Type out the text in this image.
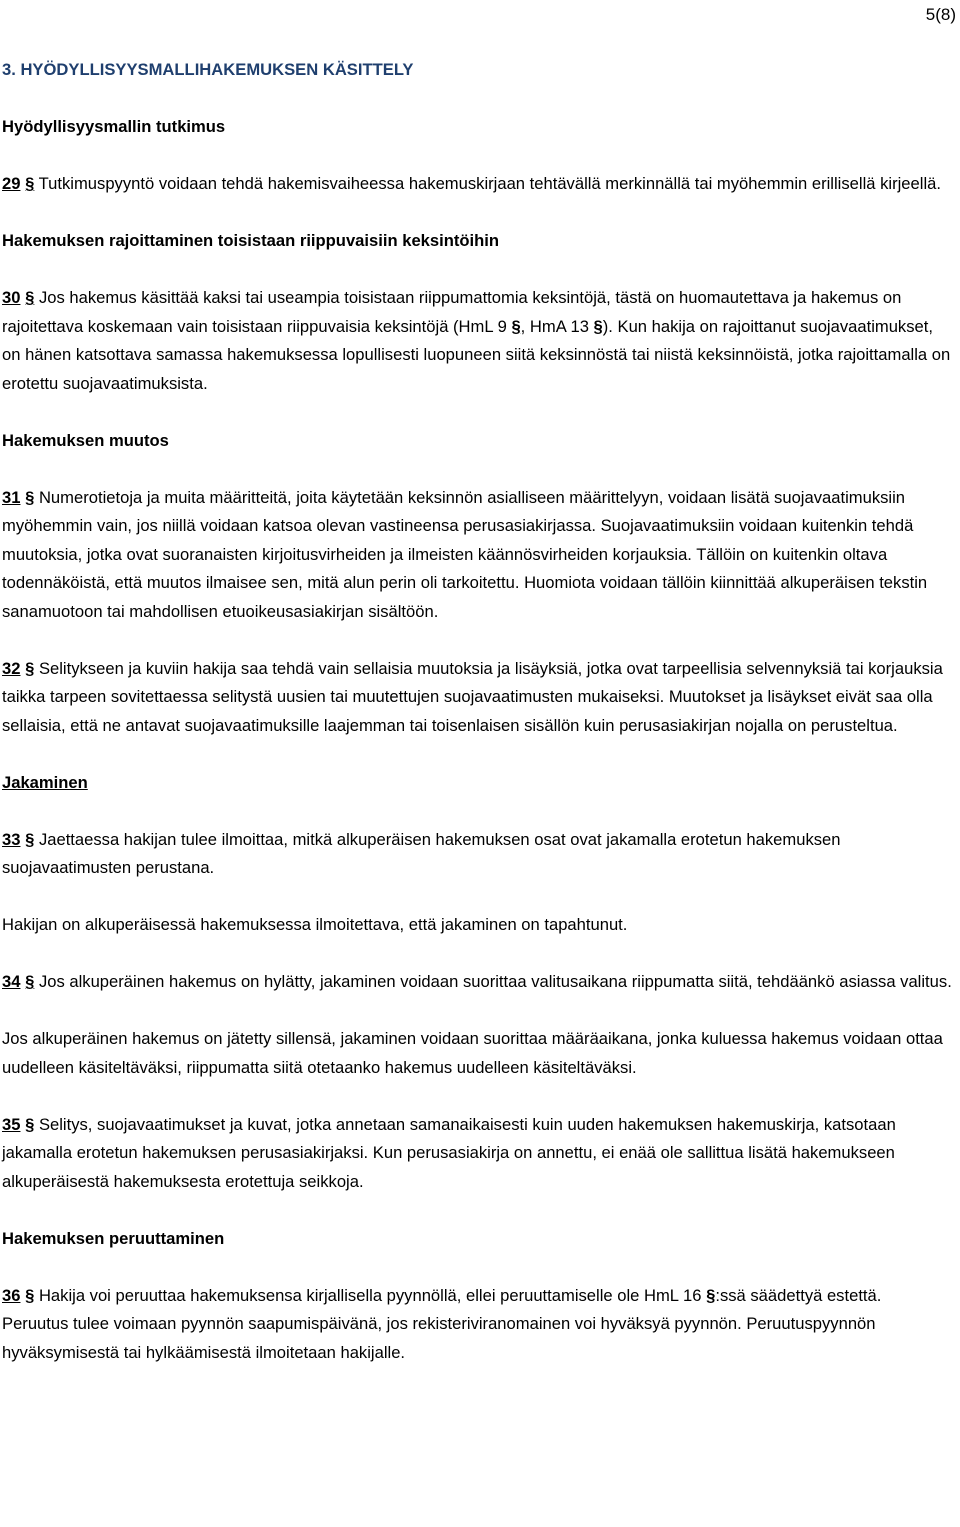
5(8)

3. HYÖDYLLISYYSMALLIHAKEMUKSEN KÄSITTELY

Hyödyllisyysmallin tutkimus

29 § Tutkimuspyyntö voidaan tehdä hakemisvaiheessa hakemuskirjaan tehtävällä merkinnällä tai myöhemmin erillisellä kirjeellä.

Hakemuksen rajoittaminen toisistaan riippuvaisiin keksintöihin

30 § Jos hakemus käsittää kaksi tai useampia toisistaan riippumattomia keksintöjä, tästä on huomautettava ja hakemus on rajoitettava koskemaan vain toisistaan riippuvaisia keksintöjä (HmL 9 §, HmA 13 §). Kun hakija on rajoittanut suojavaatimukset, on hänen katsottava samassa hakemuksessa lopullisesti luopuneen siitä keksinnöstä tai niistä keksinnöistä, jotka rajoittamalla on erotettu suojavaatimuksista.

Hakemuksen muutos

31 § Numerotietoja ja muita määritteitä, joita käytetään keksinnön asialliseen määrittelyyn, voidaan lisätä suojavaatimuksiin myöhemmin vain, jos niillä voidaan katsoa olevan vastineensa perusasiakirjassa. Suojavaatimuksiin voidaan kuitenkin tehdä muutoksia, jotka ovat suoranaisten kirjoitusvirheiden ja ilmeisten käännösvirheiden korjauksia. Tällöin on kuitenkin oltava todennäköistä, että muutos ilmaisee sen, mitä alun perin oli tarkoitettu. Huomiota voidaan tällöin kiinnittää alkuperäisen tekstin sanamuotoon tai mahdollisen etuoikeusasiakirjan sisältöön.

32 § Selitykseen ja kuviin hakija saa tehdä vain sellaisia muutoksia ja lisäyksiä, jotka ovat tarpeellisia selvennyksiä tai korjauksia taikka tarpeen sovitettaessa selitystä uusien tai muutettujen suojavaatimusten mukaiseksi. Muutokset ja lisäykset eivät saa olla sellaisia, että ne antavat suojavaatimuksille laajemman tai toisenlaisen sisällön kuin perusasiakirjan nojalla on perusteltua.

Jakaminen

33 § Jaettaessa hakijan tulee ilmoittaa, mitkä alkuperäisen hakemuksen osat ovat jakamalla erotetun hakemuksen suojavaatimusten perustana.

Hakijan on alkuperäisessä hakemuksessa ilmoitettava, että jakaminen on tapahtunut.

34 § Jos alkuperäinen hakemus on hylätty, jakaminen voidaan suorittaa valitusaikana riippumatta siitä, tehdäänkö asiassa valitus.

Jos alkuperäinen hakemus on jätetty sillensä, jakaminen voidaan suorittaa määräaikana, jonka kuluessa hakemus voidaan ottaa uudelleen käsiteltäväksi, riippumatta siitä otetaanko hakemus uudelleen käsiteltäväksi.

35 § Selitys, suojavaatimukset ja kuvat, jotka annetaan samanaikaisesti kuin uuden hakemuksen hakemuskirja, katsotaan jakamalla erotetun hakemuksen perusasiakirjaksi. Kun perusasiakirja on annettu, ei enää ole sallittua lisätä hakemukseen alkuperäisestä hakemuksesta erotettuja seikkoja.

Hakemuksen peruuttaminen

36 § Hakija voi peruuttaa hakemuksensa kirjallisella pyynnöllä, ellei peruuttamiselle ole HmL 16 §:ssä säädettyä estettä. Peruutus tulee voimaan pyynnön saapumispäivänä, jos rekisteriviranomainen voi hyväksyä pyynnön. Peruutuspyynnön hyväksymisestä tai hylkäämisestä ilmoitetaan hakijalle.
